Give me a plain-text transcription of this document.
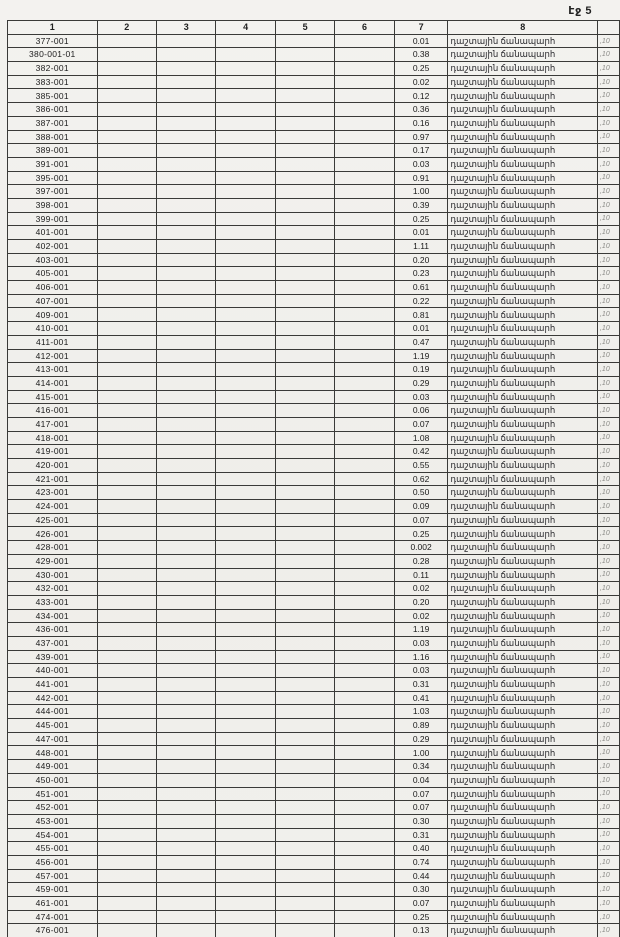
էջ 5
1	2	3	4	5	6	7	8	
377-001						0.01	դաշտային ճանապարհ	,10
380-001-01						0.38	դաշտային ճանապարհ	,10
382-001						0.25	դաշտային ճանապարհ	,10
383-001						0.02	դաշտային ճանապարհ	,10
385-001						0.12	դաշտային ճանապարհ	,10
386-001						0.36	դաշտային ճանապարհ	,10
387-001						0.16	դաշտային ճանապարհ	,10
388-001						0.97	դաշտային ճանապարհ	,10
389-001						0.17	դաշտային ճանապարհ	,10
391-001						0.03	դաշտային ճանապարհ	,10
395-001						0.91	դաշտային ճանապարհ	,10
397-001						1.00	դաշտային ճանապարհ	,10
398-001						0.39	դաշտային ճանապարհ	,10
399-001						0.25	դաշտային ճանապարհ	,10
401-001						0.01	դաշտային ճանապարհ	,10
402-001						1.11	դաշտային ճանապարհ	,10
403-001						0.20	դաշտային ճանապարհ	,10
405-001						0.23	դաշտային ճանապարհ	,10
406-001						0.61	դաշտային ճանապարհ	,10
407-001						0.22	դաշտային ճանապարհ	,10
409-001						0.81	դաշտային ճանապարհ	,10
410-001						0.01	դաշտային ճանապարհ	,10
411-001						0.47	դաշտային ճանապարհ	,10
412-001						1.19	դաշտային ճանապարհ	,10
413-001						0.19	դաշտային ճանապարհ	,10
414-001						0.29	դաշտային ճանապարհ	,10
415-001						0.03	դաշտային ճանապարհ	,10
416-001						0.06	դաշտային ճանապարհ	,10
417-001						0.07	դաշտային ճանապարհ	,10
418-001						1.08	դաշտային ճանապարհ	,10
419-001						0.42	դաշտային ճանապարհ	,10
420-001						0.55	դաշտային ճանապարհ	,10
421-001						0.62	դաշտային ճանապարհ	,10
423-001						0.50	դաշտային ճանապարհ	,10
424-001						0.09	դաշտային ճանապարհ	,10
425-001						0.07	դաշտային ճանապարհ	,10
426-001						0.25	դաշտային ճանապարհ	,10
428-001						0.002	դաշտային ճանապարհ	,10
429-001						0.28	դաշտային ճանապարհ	,10
430-001						0.11	դաշտային ճանապարհ	,10
432-001						0.02	դաշտային ճանապարհ	,10
433-001						0.20	դաշտային ճանապարհ	,10
434-001						0.02	դաշտային ճանապարհ	,10
436-001						1.19	դաշտային ճանապարհ	,10
437-001						0.03	դաշտային ճանապարհ	,10
439-001						1.16	դաշտային ճանապարհ	,10
440-001						0.03	դաշտային ճանապարհ	,10
441-001						0.31	դաշտային ճանապարհ	,10
442-001						0.41	դաշտային ճանապարհ	,10
444-001						1.03	դաշտային ճանապարհ	,10
445-001						0.89	դաշտային ճանապարհ	,10
447-001						0.29	դաշտային ճանապարհ	,10
448-001						1.00	դաշտային ճանապարհ	,10
449-001						0.34	դաշտային ճանապարհ	,10
450-001						0.04	դաշտային ճանապարհ	,10
451-001						0.07	դաշտային ճանապարհ	,10
452-001						0.07	դաշտային ճանապարհ	,10
453-001						0.30	դաշտային ճանապարհ	,10
454-001						0.31	դաշտային ճանապարհ	,10
455-001						0.40	դաշտային ճանապարհ	,10
456-001						0.74	դաշտային ճանապարհ	,10
457-001						0.44	դաշտային ճանապարհ	,10
459-001						0.30	դաշտային ճանապարհ	,10
461-001						0.07	դաշտային ճանապարհ	,10
474-001						0.25	դաշտային ճանապարհ	,10
476-001						0.13	դաշտային ճանապարհ	,10
